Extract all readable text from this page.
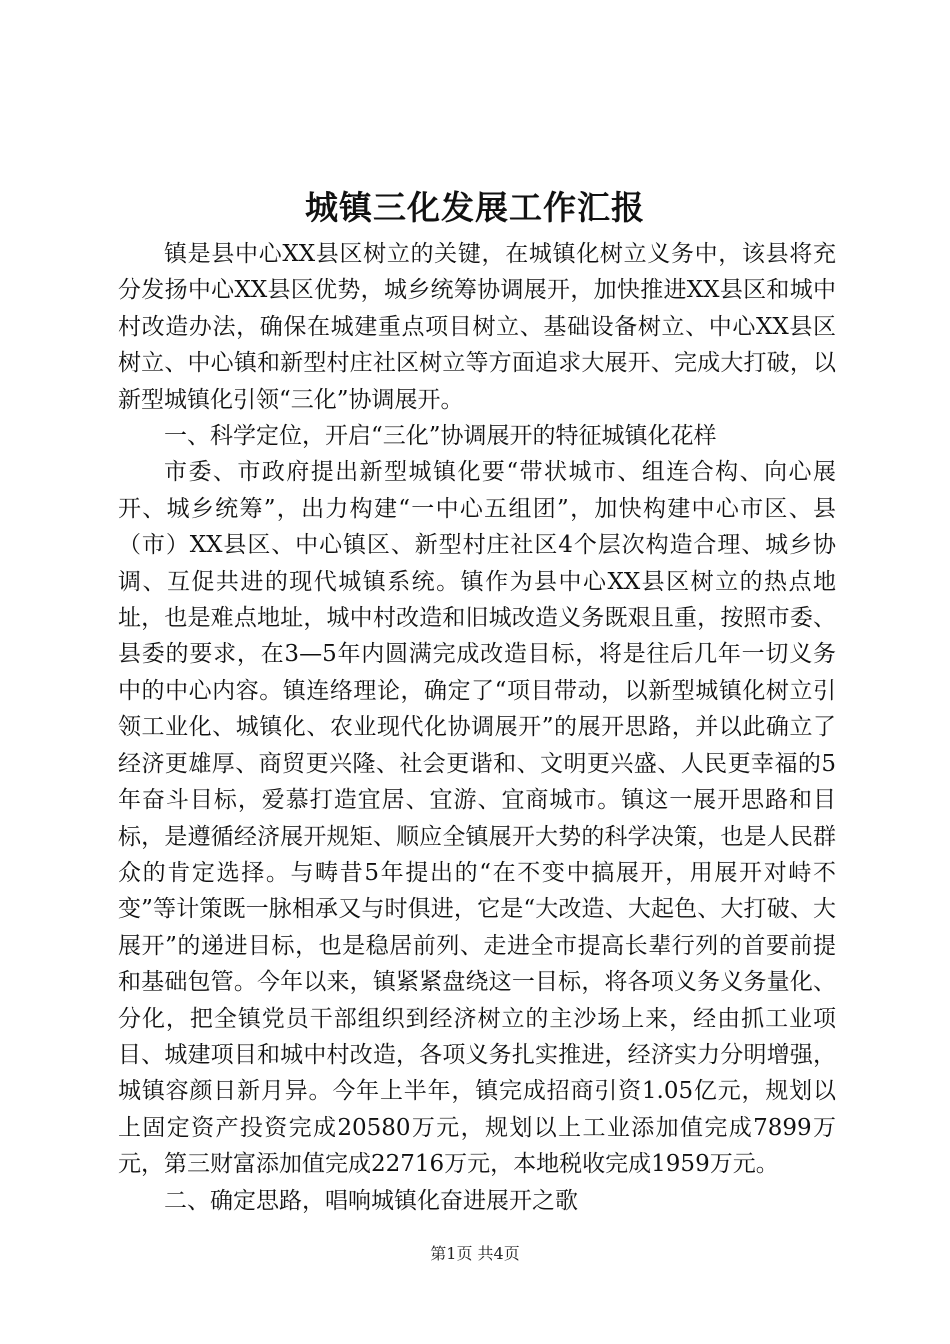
城镇三化发展工作汇报

镇是县中心XX县区树立的关键，在城镇化树立义务中，该县将充分发扬中心XX县区优势，城乡统筹协调展开，加快推进XX县区和城中村改造办法，确保在城建重点项目树立、基础设备树立、中心XX县区树立、中心镇和新型村庄社区树立等方面追求大展开、完成大打破，以新型城镇化引领“三化”协调展开。

一、科学定位，开启“三化”协调展开的特征城镇化花样

市委、市政府提出新型城镇化要“带状城市、组连合构、向心展开、城乡统筹”，出力构建“一中心五组团”，加快构建中心市区、县（市）XX县区、中心镇区、新型村庄社区4个层次构造合理、城乡协调、互促共进的现代城镇系统。镇作为县中心XX县区树立的热点地址，也是难点地址，城中村改造和旧城改造义务既艰且重，按照市委、县委的要求，在3—5年内圆满完成改造目标，将是往后几年一切义务中的中心内容。镇连络理论，确定了“项目带动，以新型城镇化树立引领工业化、城镇化、农业现代化协调展开”的展开思路，并以此确立了经济更雄厚、商贸更兴隆、社会更谐和、文明更兴盛、人民更幸福的5年奋斗目标，爱慕打造宜居、宜游、宜商城市。镇这一展开思路和目标，是遵循经济展开规矩、顺应全镇展开大势的科学决策，也是人民群众的肯定选择。与畴昔5年提出的“在不变中搞展开，用展开对峙不变”等计策既一脉相承又与时俱进，它是“大改造、大起色、大打破、大展开”的递进目标，也是稳居前列、走进全市提高长辈行列的首要前提和基础包管。今年以来，镇紧紧盘绕这一目标，将各项义务义务量化、分化，把全镇党员干部组织到经济树立的主沙场上来，经由抓工业项目、城建项目和城中村改造，各项义务扎实推进，经济实力分明增强，城镇容颜日新月异。今年上半年，镇完成招商引资1.05亿元，规划以上固定资产投资完成20580万元，规划以上工业添加值完成7899万元，第三财富添加值完成22716万元，本地税收完成1959万元。

二、确定思路，唱响城镇化奋进展开之歌

第1页 共4页
